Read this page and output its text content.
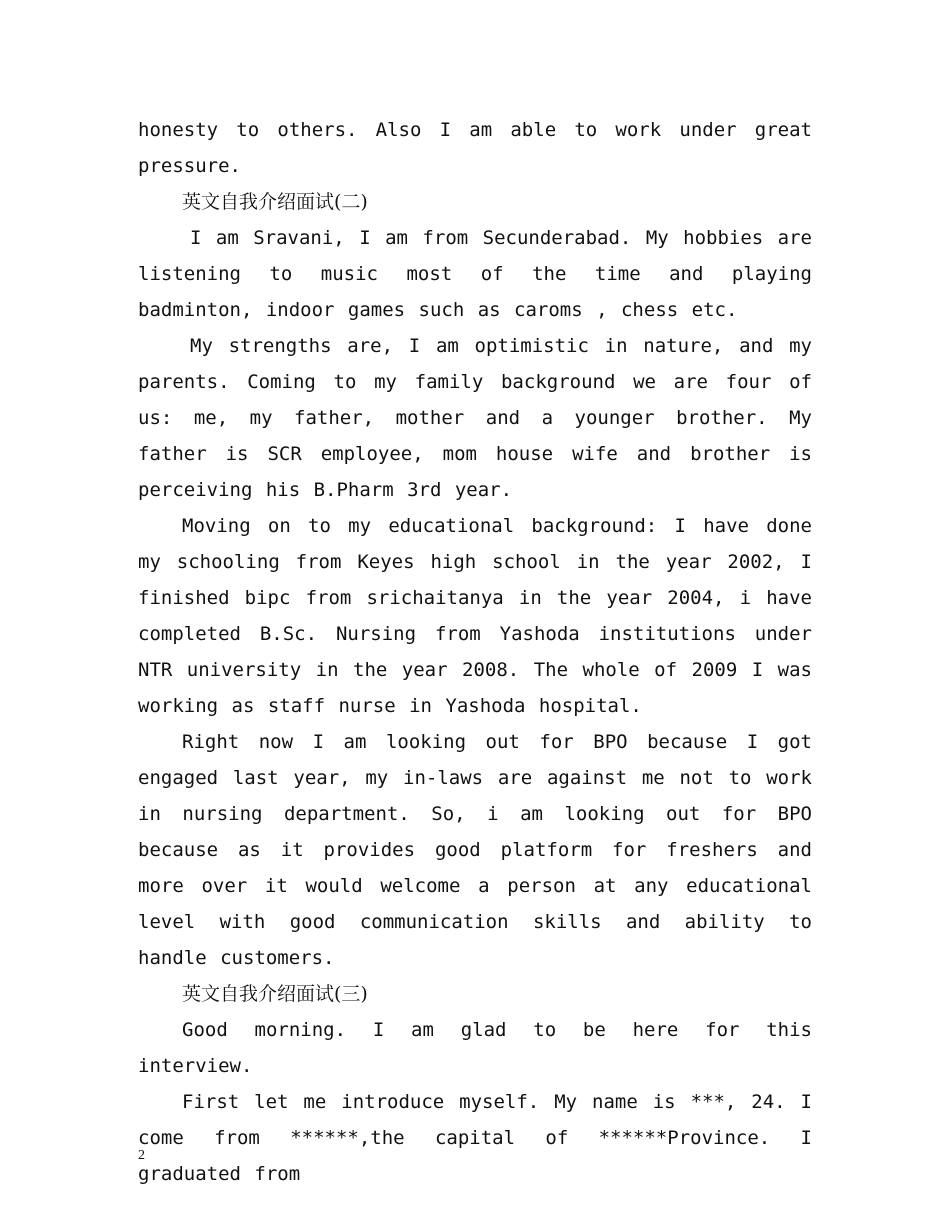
honesty to others. Also I am able to work under great pressure.

英文自我介绍面试(二)

I am Sravani, I am from Secunderabad. My hobbies are listening to music most of the time and playing badminton, indoor games such as caroms , chess etc.

My strengths are, I am optimistic in nature, and my parents. Coming to my family background we are four of us: me, my father, mother and a younger brother. My father is SCR employee, mom house wife and brother is perceiving his B.Pharm 3rd year.

Moving on to my educational background: I have done my schooling from Keyes high school in the year 2002, I finished bipc from srichaitanya in the year 2004, i have completed B.Sc. Nursing from Yashoda institutions under NTR university in the year 2008. The whole of 2009 I was working as staff nurse in Yashoda hospital.

Right now I am looking out for BPO because I got engaged last year, my in-laws are against me not to work in nursing department. So, i am looking out for BPO because as it provides good platform for freshers and more over it would welcome a person at any educational level with good communication skills and ability to handle customers.

英文自我介绍面试(三)

Good morning. I am glad to be here for this interview.

First let me introduce myself. My name is ***, 24. I come from ******,the capital of ******Province. I graduated from

2
